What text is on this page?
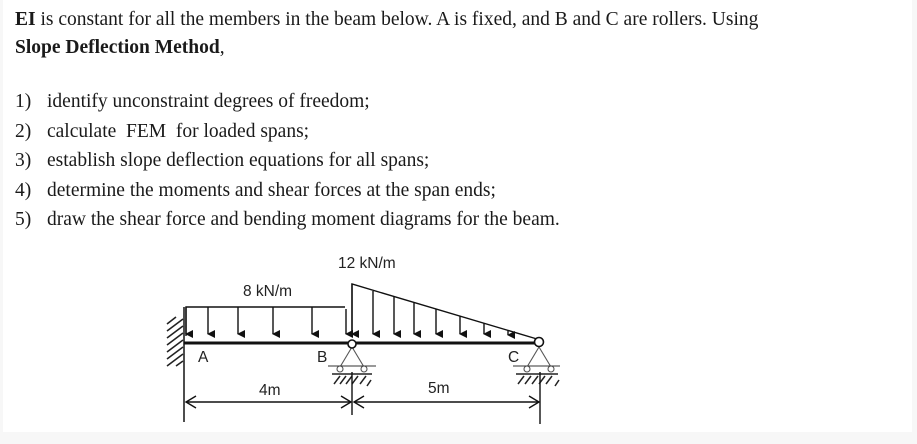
EI is constant for all the members in the beam below. A is fixed, and B and C are rollers. Using
Slope Deflection Method,
1) identify unconstraint degrees of freedom;
2) calculate  FEM  for loaded spans;
3) establish slope deflection equations for all spans;
4) determine the moments and shear forces at the span ends;
5) draw the shear force and bending moment diagrams for the beam.
8 kN/m
12 kN/m
A	B	C
4m	5m
